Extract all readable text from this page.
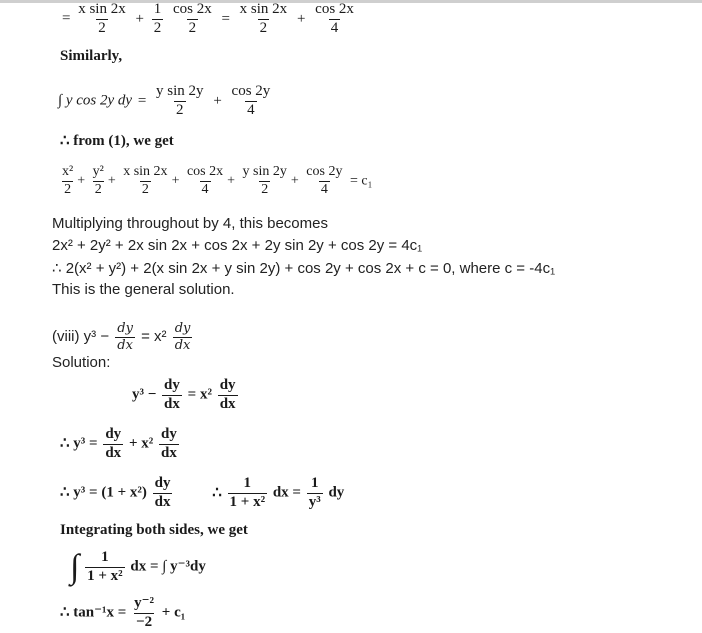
= $\frac{\text{x sin 2x}}{2} + \frac{1}{2}$
$\frac{\cos 2x}{2} = \frac{\text{x sin 2x}}{2} + \frac{\cos 2x}{4}$
Similarly,
∫ y cos 2y dy = $\frac{\text{y sin 2y}}{2} + \frac{\cos 2y}{4}$
∴ from (1), we get
$\frac{\text{x²}}{2} + \frac{\text{y²}}{2} + \frac{\text{x sin 2x}}{2} + \frac{\cos 2x}{4} + \frac{\text{y sin 2y}}{2} + \frac{\cos 2y}{4} = c_1$
Multiplying throughout by 4, this becomes
2x² + 2y² + 2x sin 2x + cos 2x + 2y sin 2y + cos 2y = 4c₁
∴ 2(x² + y²) + 2(x sin 2x + y sin 2y) + cos 2y + cos 2x + c = 0, where c = -4c₁
This is the general solution.
(viii) $y^3 - \frac{dy}{dx} = x^2 \frac{dy}{dx}$
Solution:
$y^3 - \frac{dy}{dx} = x^2 \frac{dy}{dx}$
∴ $y^3 = \frac{dy}{dx} + x^2 \frac{dy}{dx}$
∴ $y^3 = (1 + x^2) \frac{dy}{dx}$	∴ $\frac{1}{\text{1 + x²}}$ dx = $\frac{1}{\text{y³}}$ dy
Integrating both sides, we get
∫ $\frac{1}{\text{1 + x²}}$ dx = ∫ y⁻³dy
∴ $\tan^{-1}x = \frac{\text{y⁻²}}{-2} + c_1$
